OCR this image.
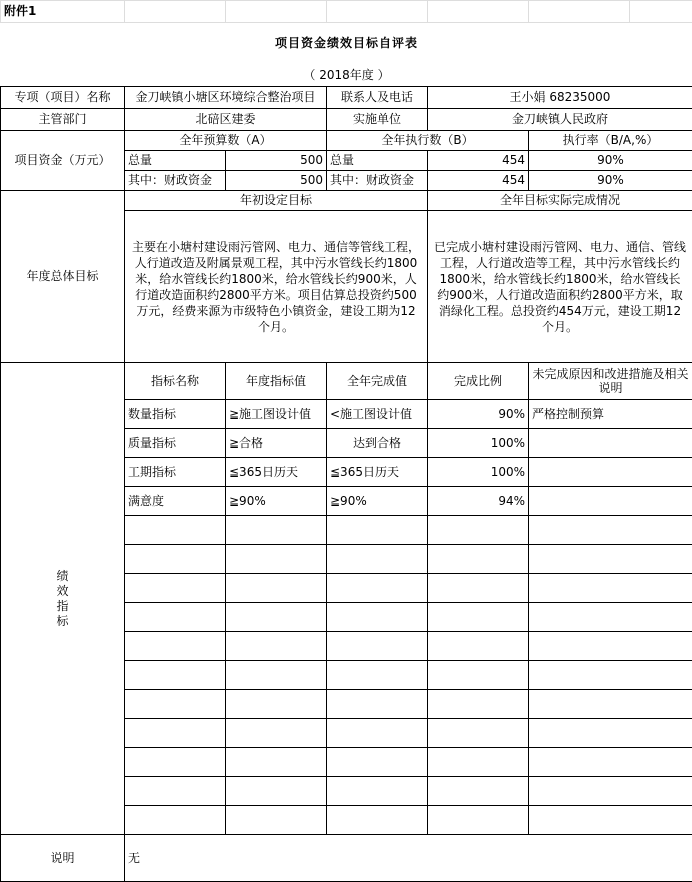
附件1						
项目资金绩效目标自评表						
（ 2018年度 ）						
专项（项目）名称	金刀峡镇小塘区环境综合整治项目		联系人及电话	王小娟 68235000		
主管部门	北碚区建委		实施单位	金刀峡镇人民政府		
项目资金（万元）	全年预算数（A）		全年执行数（B）		执行率（B/A,%）	
	总量	500	总量	454	90%	
	其中：财政资金	500	其中：财政资金	454	90%	
年度总体目标	年初设定目标			全年目标实际完成情况		
	主要在小塘村建设雨污管网、电力、通信等管线工程，人行道改造及附属景观工程，其中污水管线长约1800米，给水管线长约1800米，给水管线长约900米，人行道改造面积约2800平方米。项目估算总投资约500万元，经费来源为市级特色小镇资金，建设工期为12个月。			已完成小塘村建设雨污管网、电力、通信、管线工程，人行道改造等工程，其中污水管线长约1800米，给水管线长约1800米，给水管线长约900米，人行道改造面积约2800平方米，取消绿化工程。总投资约454万元，建设工期12个月。		

绩
效
指
标	指标名称	年度指标值	全年完成值	完成比例	未完成原因和改进措施及相关说明	
	数量指标	≧施工图设计值	<施工图设计值	90%	严格控制预算	
	质量指标	≧合格	达到合格	100%		
	工期指标	≦365日历天	≦365日历天	100%		
	满意度	≧90%	≧90%	94%		

说明	无					
